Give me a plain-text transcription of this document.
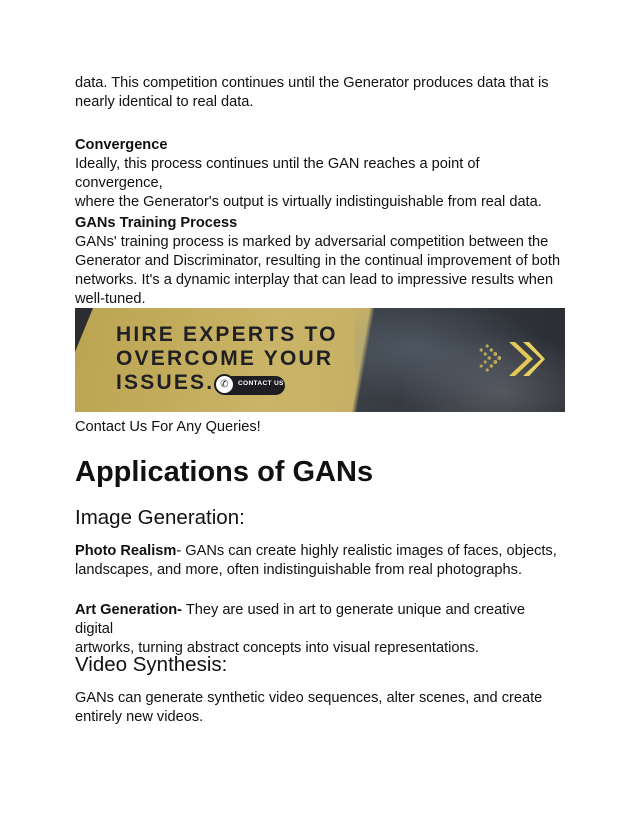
data. This competition continues until the Generator produces data that is

nearly identical to real data.

Convergence

Ideally, this process continues until the GAN reaches a point of convergence,

where the Generator's output is virtually indistinguishable from real data.

GANs Training Process

GANs' training process is marked by adversarial competition between the

Generator and Discriminator, resulting in the continual improvement of both

networks. It's a dynamic interplay that can lead to impressive results when

well-tuned.

HIRE EXPERTS TO
OVERCOME YOUR
ISSUES. ✆	CONTACT US

Contact Us For Any Queries!

Applications of GANs
Image Generation:

Photo Realism- GANs can create highly realistic images of faces, objects,

landscapes, and more, often indistinguishable from real photographs.

Art Generation- They are used in art to generate unique and creative digital

artworks, turning abstract concepts into visual representations.

Video Synthesis:

GANs can generate synthetic video sequences, alter scenes, and create

entirely new videos.
